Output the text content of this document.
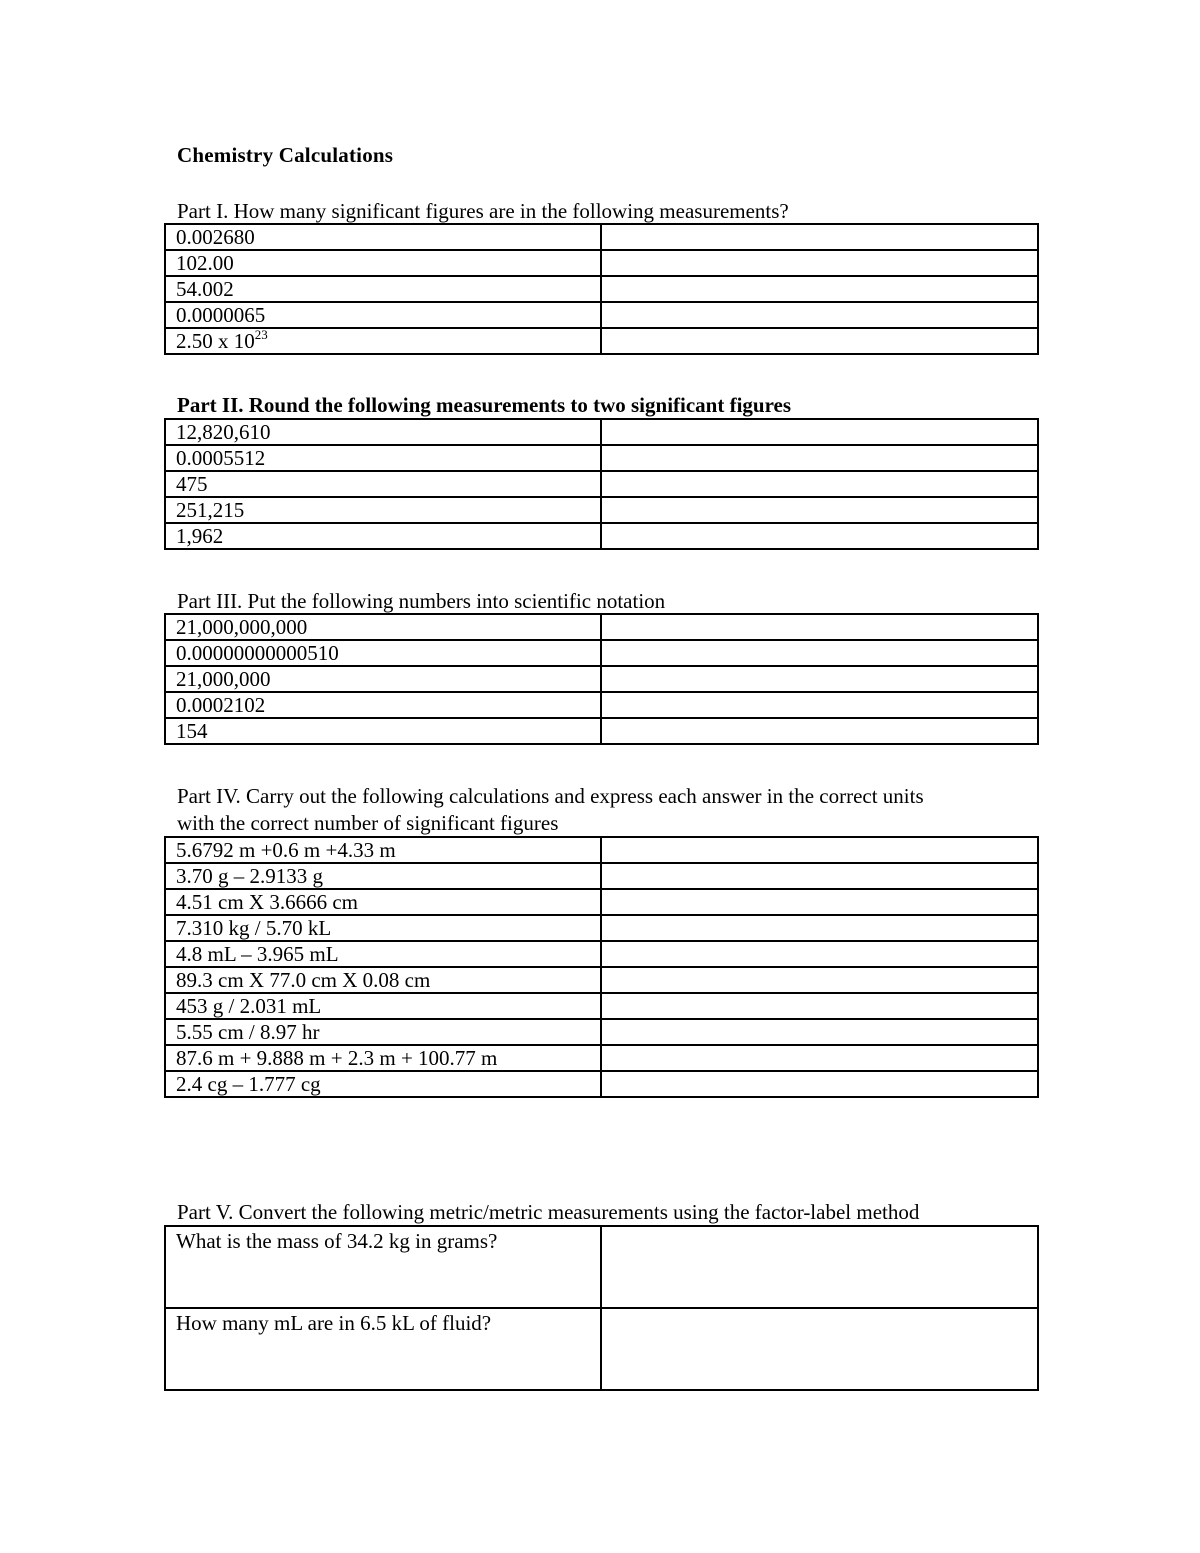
Chemistry Calculations
Part I. How many significant figures are in the following measurements?
0.002680	
102.00	
54.002	
0.0000065	
2.50 x $10^{23}$	
Part II. Round the following measurements to two significant figures
12,820,610	
0.0005512	
475	
251,215	
1,962	
Part III. Put the following numbers into scientific notation
21,000,000,000	
0.00000000000510	
21,000,000	
0.0002102	
154	
Part IV. Carry out the following calculations and express each answer in the correct units
with the correct number of significant figures
5.6792 m +0.6 m +4.33 m	
3.70 g – 2.9133 g	
4.51 cm X 3.6666 cm	
7.310 kg / 5.70 kL	
4.8 mL – 3.965 mL	
89.3 cm X 77.0 cm X 0.08 cm	
453 g / 2.031 mL	
5.55 cm / 8.97 hr	
87.6 m + 9.888 m + 2.3 m + 100.77 m	
2.4 cg – 1.777 cg	
Part V. Convert the following metric/metric measurements using the factor-label method
What is the mass of 34.2 kg in grams?	
How many mL are in 6.5 kL of fluid?	
